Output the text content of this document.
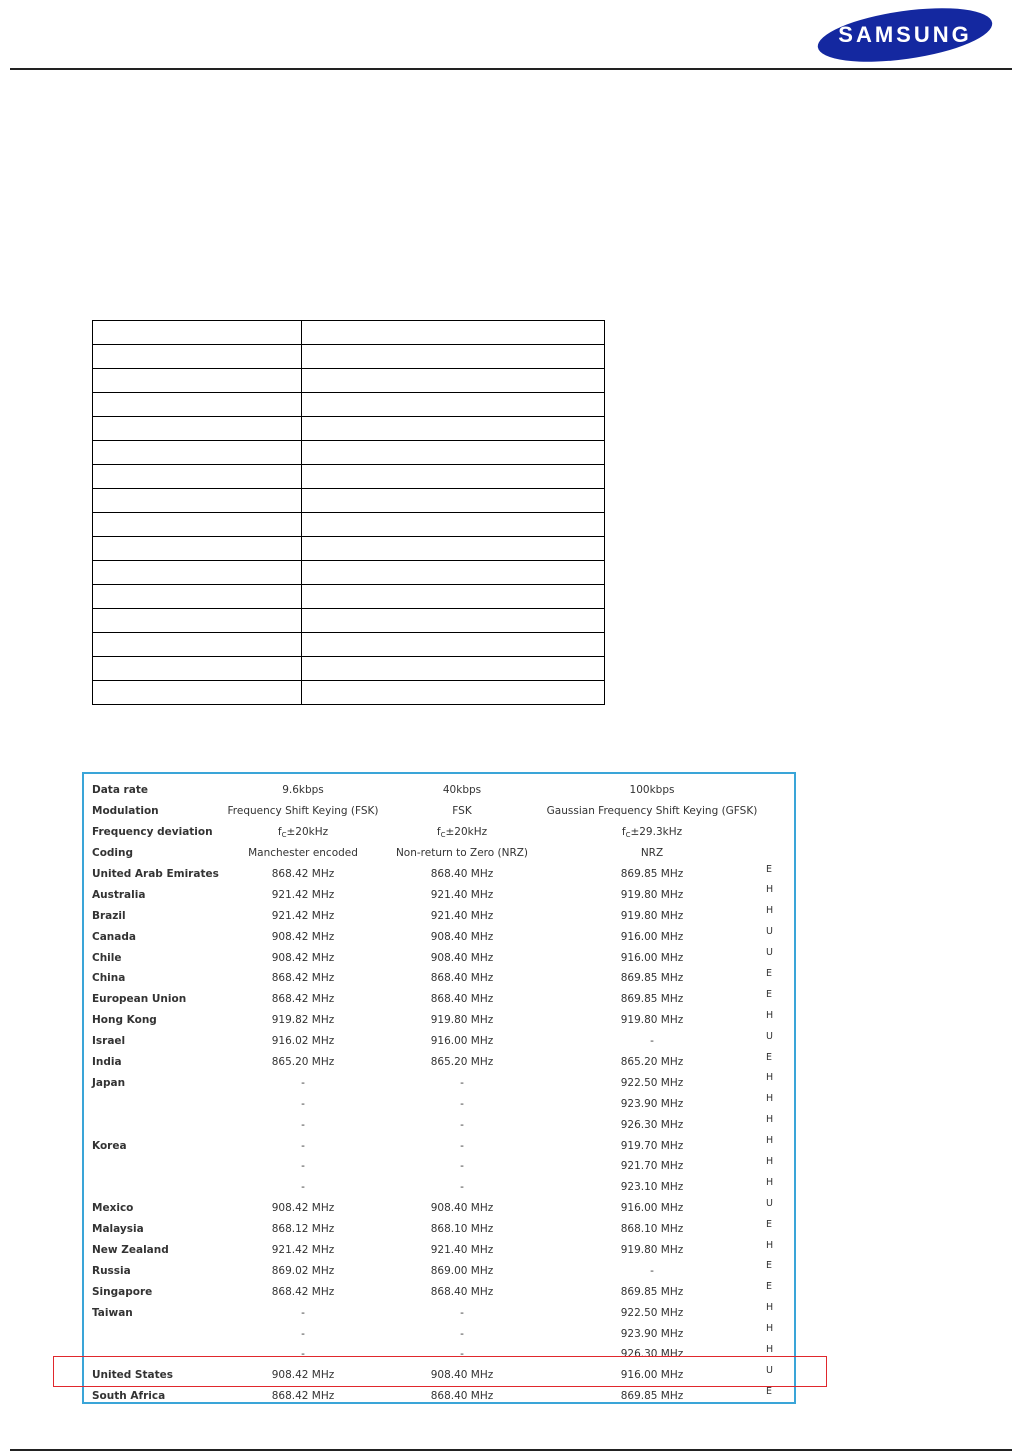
SAMSUNG

Data rate	9.6kbps	40kbps	100kbps	
Modulation	Frequency Shift Keying (FSK)	FSK	Gaussian Frequency Shift Keying (GFSK)	
Frequency deviation	$f_C\pm 20kHz$	$f_C\pm 20kHz$	$f_C\pm 29.3kHz$	
Coding	Manchester encoded	Non-return to Zero (NRZ)	NRZ	
United Arab Emirates	868.42 MHz	868.40 MHz	869.85 MHz	E
Australia	921.42 MHz	921.40 MHz	919.80 MHz	H
Brazil	921.42 MHz	921.40 MHz	919.80 MHz	H
Canada	908.42 MHz	908.40 MHz	916.00 MHz	U
Chile	908.42 MHz	908.40 MHz	916.00 MHz	U
China	868.42 MHz	868.40 MHz	869.85 MHz	E
European Union	868.42 MHz	868.40 MHz	869.85 MHz	E
Hong Kong	919.82 MHz	919.80 MHz	919.80 MHz	H
Israel	916.02 MHz	916.00 MHz	-	U
India	865.20 MHz	865.20 MHz	865.20 MHz	E
Japan	-	-	922.50 MHz	H
	-	-	923.90 MHz	H
	-	-	926.30 MHz	H
Korea	-	-	919.70 MHz	H
	-	-	921.70 MHz	H
	-	-	923.10 MHz	H
Mexico	908.42 MHz	908.40 MHz	916.00 MHz	U
Malaysia	868.12 MHz	868.10 MHz	868.10 MHz	E
New Zealand	921.42 MHz	921.40 MHz	919.80 MHz	H
Russia	869.02 MHz	869.00 MHz	-	E
Singapore	868.42 MHz	868.40 MHz	869.85 MHz	E
Taiwan	-	-	922.50 MHz	H
	-	-	923.90 MHz	H
	-	-	926.30 MHz	H
United States	908.42 MHz	908.40 MHz	916.00 MHz	U
South Africa	868.42 MHz	868.40 MHz	869.85 MHz	E
